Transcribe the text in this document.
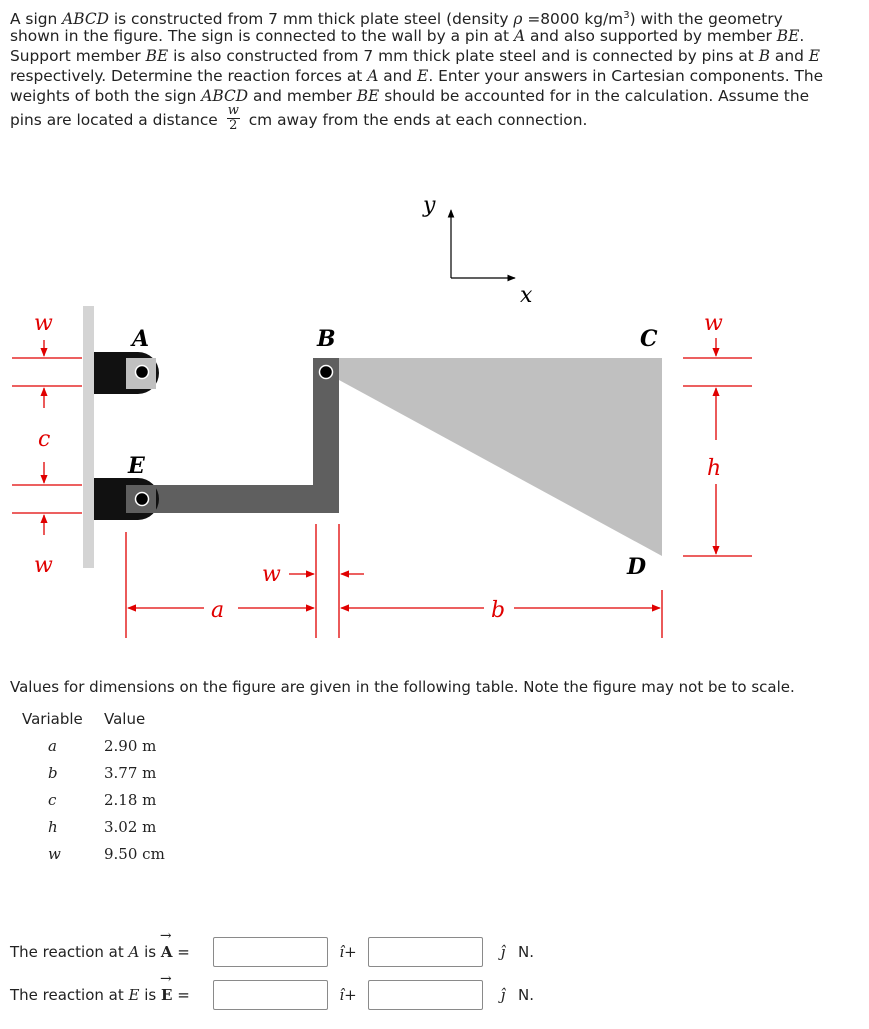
A sign ABCD is constructed from 7 mm thick plate steel (density ρ =8000 $kg/m^3$) with the geometry
shown in the figure. The sign is connected to the wall by a pin at A and also supported by member BE.
Support member BE is also constructed from 7 mm thick plate steel and is connected by pins at B and E
respectively. Determine the reaction forces at A and E. Enter your answers in Cartesian components. The
weights of both the sign ABCD and member BE should be accounted for in the calculation. Assume the
pins are located a distance $\frac{w}{2}$ cm away from the ends at each connection.
y
x
A	B	C
D
E
w
c
w
w
h
a
w
b
Values for dimensions on the figure are given in the following table. Note the figure may not be to scale.
Variable	Value
a	2.90 m
b	3.77 m
c	2.18 m
h	3.02 m
w	9.50 cm
The reaction at A is → A =	î+	ĵ N.
The reaction at E is → E =	î+	ĵ N.
